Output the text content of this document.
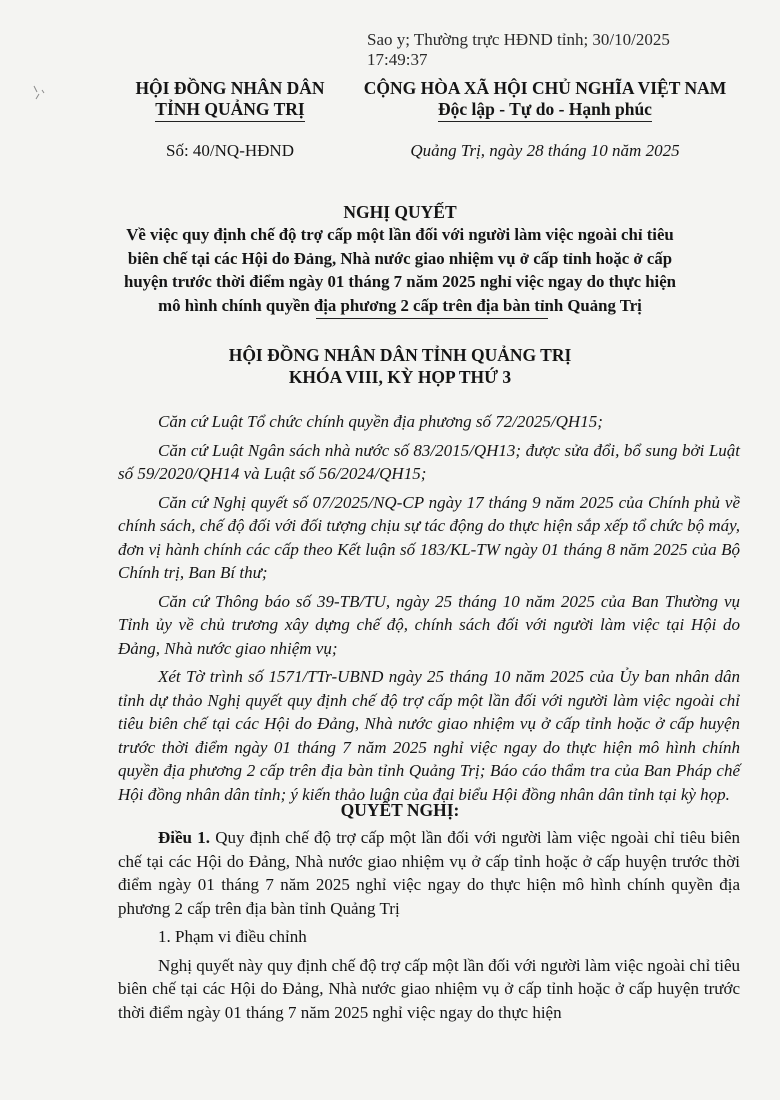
Sao y; Thường trực HĐND tỉnh; 30/10/2025
17:49:37
HỘI ĐỒNG NHÂN DÂN
TỈNH QUẢNG TRỊ
CỘNG HÒA XÃ HỘI CHỦ NGHĨA VIỆT NAM
Độc lập - Tự do - Hạnh phúc
Số: 40/NQ-HĐND	Quảng Trị, ngày 28 tháng 10 năm 2025
NGHỊ QUYẾT
Về việc quy định chế độ trợ cấp một lần đối với người làm việc ngoài chỉ tiêu biên chế tại các Hội do Đảng, Nhà nước giao nhiệm vụ ở cấp tỉnh hoặc ở cấp huyện trước thời điểm ngày 01 tháng 7 năm 2025 nghỉ việc ngay do thực hiện mô hình chính quyền địa phương 2 cấp trên địa bàn tỉnh Quảng Trị
HỘI ĐỒNG NHÂN DÂN TỈNH QUẢNG TRỊ
KHÓA VIII, KỲ HỌP THỨ 3
Căn cứ Luật Tổ chức chính quyền địa phương số 72/2025/QH15;
Căn cứ Luật Ngân sách nhà nước số 83/2015/QH13; được sửa đổi, bổ sung bởi Luật số 59/2020/QH14 và Luật số 56/2024/QH15;
Căn cứ Nghị quyết số 07/2025/NQ-CP ngày 17 tháng 9 năm 2025 của Chính phủ về chính sách, chế độ đối với đối tượng chịu sự tác động do thực hiện sắp xếp tổ chức bộ máy, đơn vị hành chính các cấp theo Kết luận số 183/KL-TW ngày 01 tháng 8 năm 2025 của Bộ Chính trị, Ban Bí thư;
Căn cứ Thông báo số 39-TB/TU, ngày 25 tháng 10 năm 2025 của Ban Thường vụ Tỉnh ủy về chủ trương xây dựng chế độ, chính sách đối với người làm việc tại Hội do Đảng, Nhà nước giao nhiệm vụ;
Xét Tờ trình số 1571/TTr-UBND ngày 25 tháng 10 năm 2025 của Ủy ban nhân dân tỉnh dự thảo Nghị quyết quy định chế độ trợ cấp một lần đối với người làm việc ngoài chỉ tiêu biên chế tại các Hội do Đảng, Nhà nước giao nhiệm vụ ở cấp tỉnh hoặc ở cấp huyện trước thời điểm ngày 01 tháng 7 năm 2025 nghỉ việc ngay do thực hiện mô hình chính quyền địa phương 2 cấp trên địa bàn tỉnh Quảng Trị; Báo cáo thẩm tra của Ban Pháp chế Hội đồng nhân dân tỉnh; ý kiến thảo luận của đại biểu Hội đồng nhân dân tỉnh tại kỳ họp.
QUYẾT NGHỊ:
Điều 1. Quy định chế độ trợ cấp một lần đối với người làm việc ngoài chỉ tiêu biên chế tại các Hội do Đảng, Nhà nước giao nhiệm vụ ở cấp tỉnh hoặc ở cấp huyện trước thời điểm ngày 01 tháng 7 năm 2025 nghỉ việc ngay do thực hiện mô hình chính quyền địa phương 2 cấp trên địa bàn tỉnh Quảng Trị
1. Phạm vi điều chỉnh
Nghị quyết này quy định chế độ trợ cấp một lần đối với người làm việc ngoài chỉ tiêu biên chế tại các Hội do Đảng, Nhà nước giao nhiệm vụ ở cấp tỉnh hoặc ở cấp huyện trước thời điểm ngày 01 tháng 7 năm 2025 nghỉ việc ngay do thực hiện
